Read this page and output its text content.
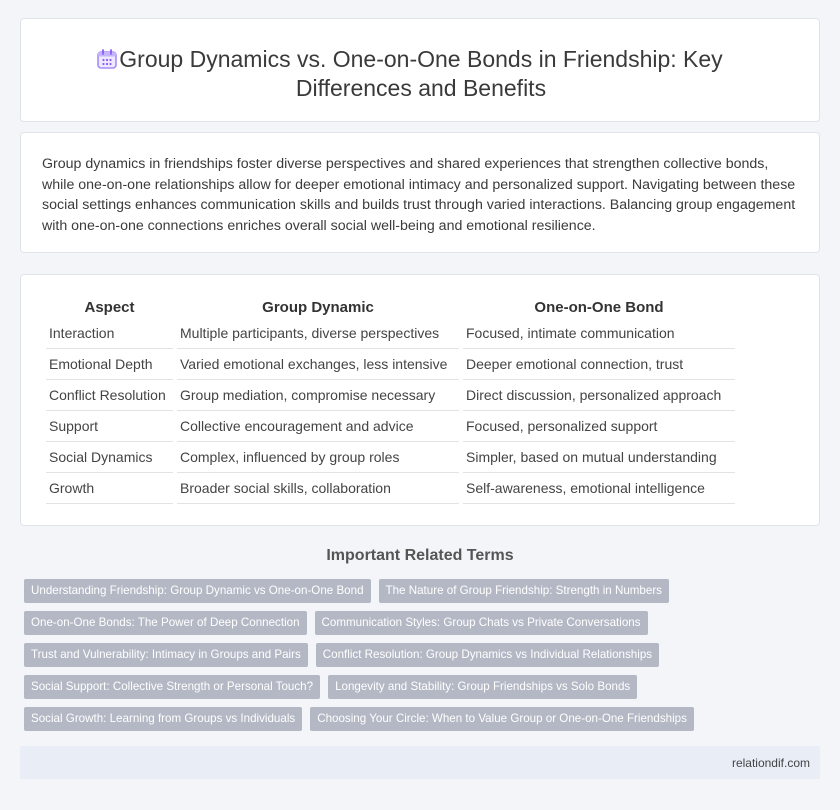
Group Dynamics vs. One-on-One Bonds in Friendship: Key Differences and Benefits

Group dynamics in friendships foster diverse perspectives and shared experiences that strengthen collective bonds, while one-on-one relationships allow for deeper emotional intimacy and personalized support. Navigating between these social settings enhances communication skills and builds trust through varied interactions. Balancing group engagement with one-on-one connections enriches overall social well-being and emotional resilience.

Aspect	Group Dynamic	One-on-One Bond
Interaction	Multiple participants, diverse perspectives	Focused, intimate communication
Emotional Depth	Varied emotional exchanges, less intensive	Deeper emotional connection, trust
Conflict Resolution	Group mediation, compromise necessary	Direct discussion, personalized approach
Support	Collective encouragement and advice	Focused, personalized support
Social Dynamics	Complex, influenced by group roles	Simpler, based on mutual understanding
Growth	Broader social skills, collaboration	Self-awareness, emotional intelligence
Important Related Terms
Understanding Friendship: Group Dynamic vs One-on-One Bond	The Nature of Group Friendship: Strength in Numbers
One-on-One Bonds: The Power of Deep Connection	Communication Styles: Group Chats vs Private Conversations
Trust and Vulnerability: Intimacy in Groups and Pairs	Conflict Resolution: Group Dynamics vs Individual Relationships
Social Support: Collective Strength or Personal Touch?	Longevity and Stability: Group Friendships vs Solo Bonds
Social Growth: Learning from Groups vs Individuals	Choosing Your Circle: When to Value Group or One-on-One Friendships
relationdif.com
